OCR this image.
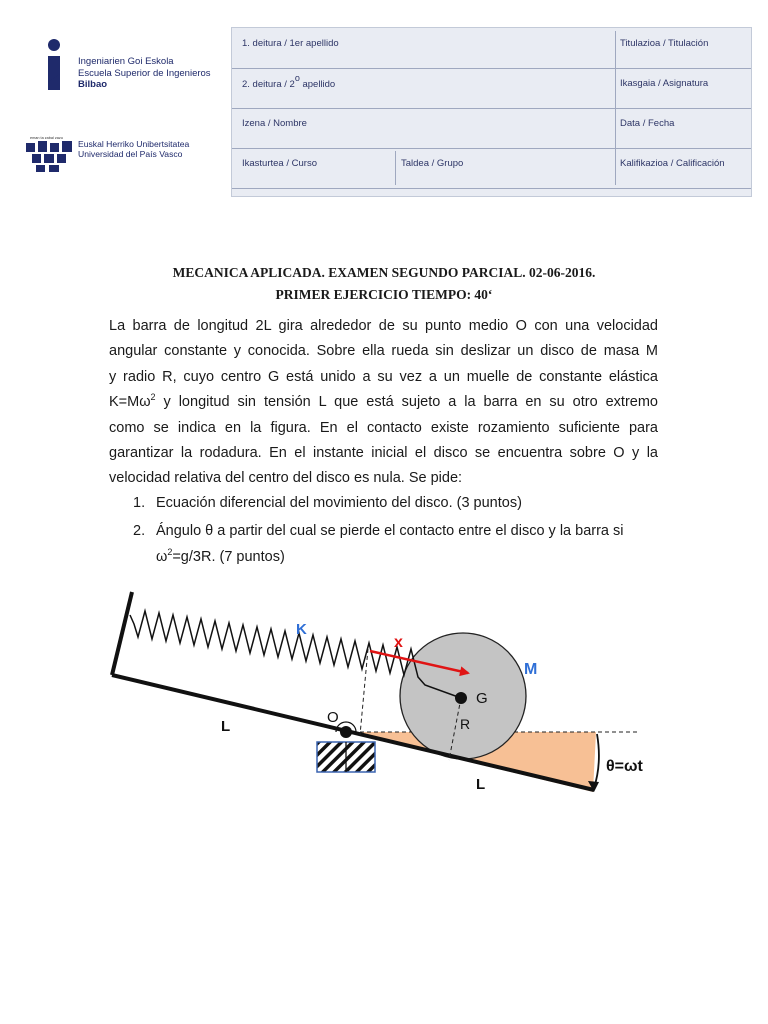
Ingeniarien Goi Eskola
Escuela Superior de Ingenieros
Bilbao
eman ta zabal zazu
Euskal Herriko Unibertsitatea
Universidad del País Vasco
1. deitura / 1er apellido	Titulazioa / Titulación
2. deitura / 2$^o$ apellido	Ikasgaia / Asignatura
Izena / Nombre	Data / Fecha
Ikasturtea / Curso	Taldea / Grupo	Kalifikazioa / Calificación
MECANICA APLICADA. EXAMEN SEGUNDO PARCIAL. 02-06-2016.
PRIMER EJERCICIO TIEMPO: 40‘
La barra de longitud 2L gira alrededor de su punto medio O con una velocidad
angular constante y conocida. Sobre ella rueda sin deslizar un disco de masa M
y radio R, cuyo centro G está unido a su vez a un muelle de constante elástica
$K=M\omega^2$ y longitud sin tensión L que está sujeto a la barra en su otro extremo
como se indica en la figura. En el contacto existe rozamiento suficiente para
garantizar la rodadura. En el instante inicial el disco se encuentra sobre O y la
velocidad relativa del centro del disco es nula. Se pide:
1. Ecuación diferencial del movimiento del disco. (3 puntos)
2. Ángulo θ a partir del cual se pierde el contacto entre el disco y la barra si
$\omega^2=g/3R$. (7 puntos)
K
x
M
G
R
O
L
L
θ=ωt
